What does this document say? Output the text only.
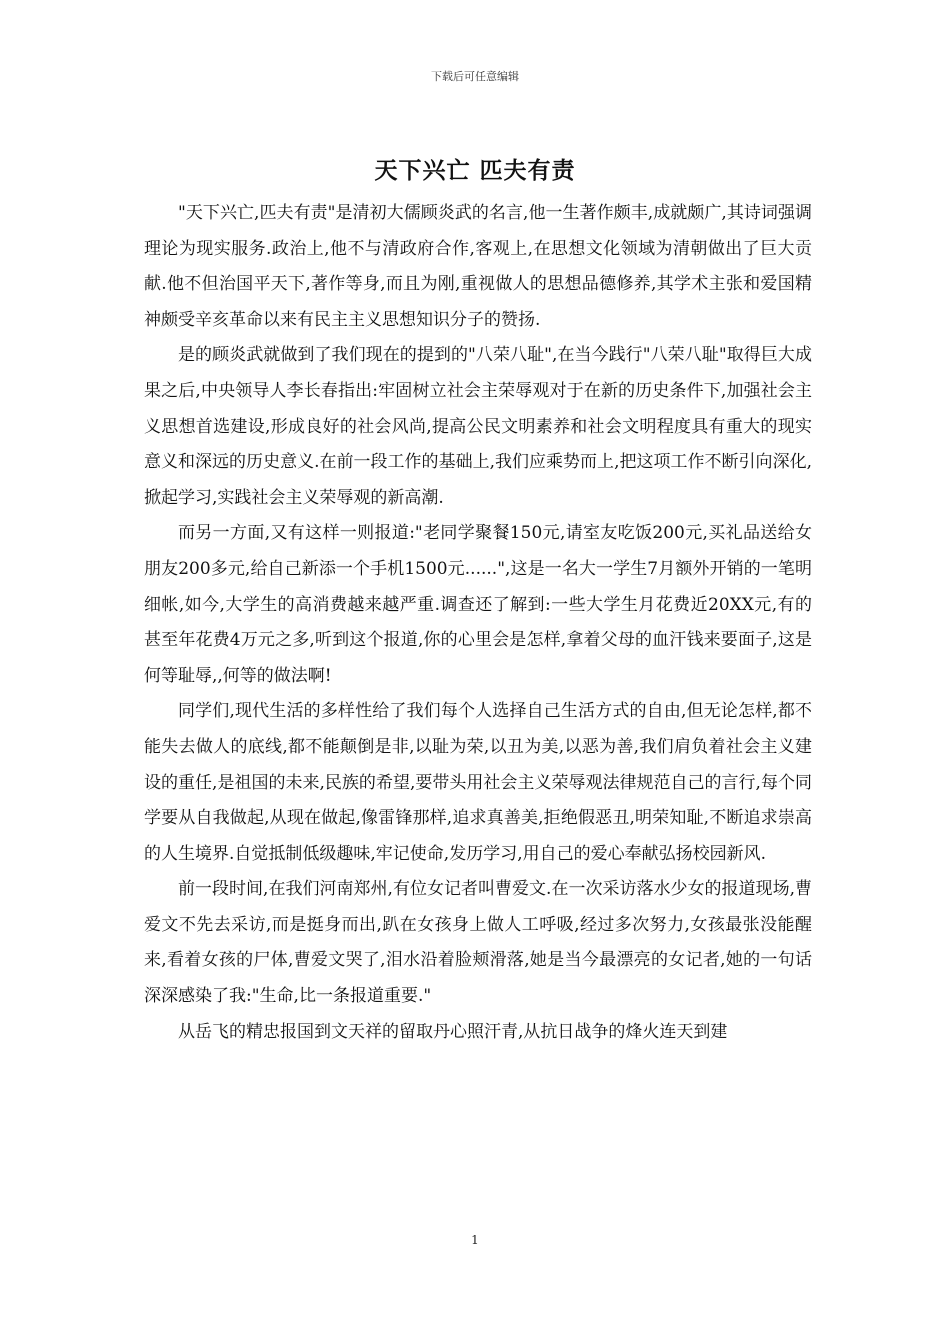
下载后可任意编辑
天下兴亡 匹夫有责

"天下兴亡,匹夫有责"是清初大儒顾炎武的名言,他一生著作颇丰,成就颇广,其诗词强调理论为现实服务.政治上,他不与清政府合作,客观上,在思想文化领域为清朝做出了巨大贡献.他不但治国平天下,著作等身,而且为刚,重视做人的思想品德修养,其学术主张和爱国精神颇受辛亥革命以来有民主主义思想知识分子的赞扬.

是的顾炎武就做到了我们现在的提到的"八荣八耻",在当今践行"八荣八耻"取得巨大成果之后,中央领导人李长春指出:牢固树立社会主荣辱观对于在新的历史条件下,加强社会主义思想首选建设,形成良好的社会风尚,提高公民文明素养和社会文明程度具有重大的现实意义和深远的历史意义.在前一段工作的基础上,我们应乘势而上,把这项工作不断引向深化,掀起学习,实践社会主义荣辱观的新高潮.

而另一方面,又有这样一则报道:"老同学聚餐150元,请室友吃饭200元,买礼品送给女朋友200多元,给自己新添一个手机1500元......",这是一名大一学生7月额外开销的一笔明细帐,如今,大学生的高消费越来越严重.调查还了解到:一些大学生月花费近20XX元,有的甚至年花费4万元之多,听到这个报道,你的心里会是怎样,拿着父母的血汗钱来要面子,这是何等耻辱,,何等的做法啊!

同学们,现代生活的多样性给了我们每个人选择自己生活方式的自由,但无论怎样,都不能失去做人的底线,都不能颠倒是非,以耻为荣,以丑为美,以恶为善,我们肩负着社会主义建设的重任,是祖国的未来,民族的希望,要带头用社会主义荣辱观法律规范自己的言行,每个同学要从自我做起,从现在做起,像雷锋那样,追求真善美,拒绝假恶丑,明荣知耻,不断追求崇高的人生境界.自觉抵制低级趣味,牢记使命,发历学习,用自己的爱心奉献弘扬校园新风.

前一段时间,在我们河南郑州,有位女记者叫曹爱文.在一次采访落水少女的报道现场,曹爱文不先去采访,而是挺身而出,趴在女孩身上做人工呼吸,经过多次努力,女孩最张没能醒来,看着女孩的尸体,曹爱文哭了,泪水沿着脸颊滑落,她是当今最漂亮的女记者,她的一句话深深感染了我:"生命,比一条报道重要."

从岳飞的精忠报国到文天祥的留取丹心照汗青,从抗日战争的烽火连天到建

1
